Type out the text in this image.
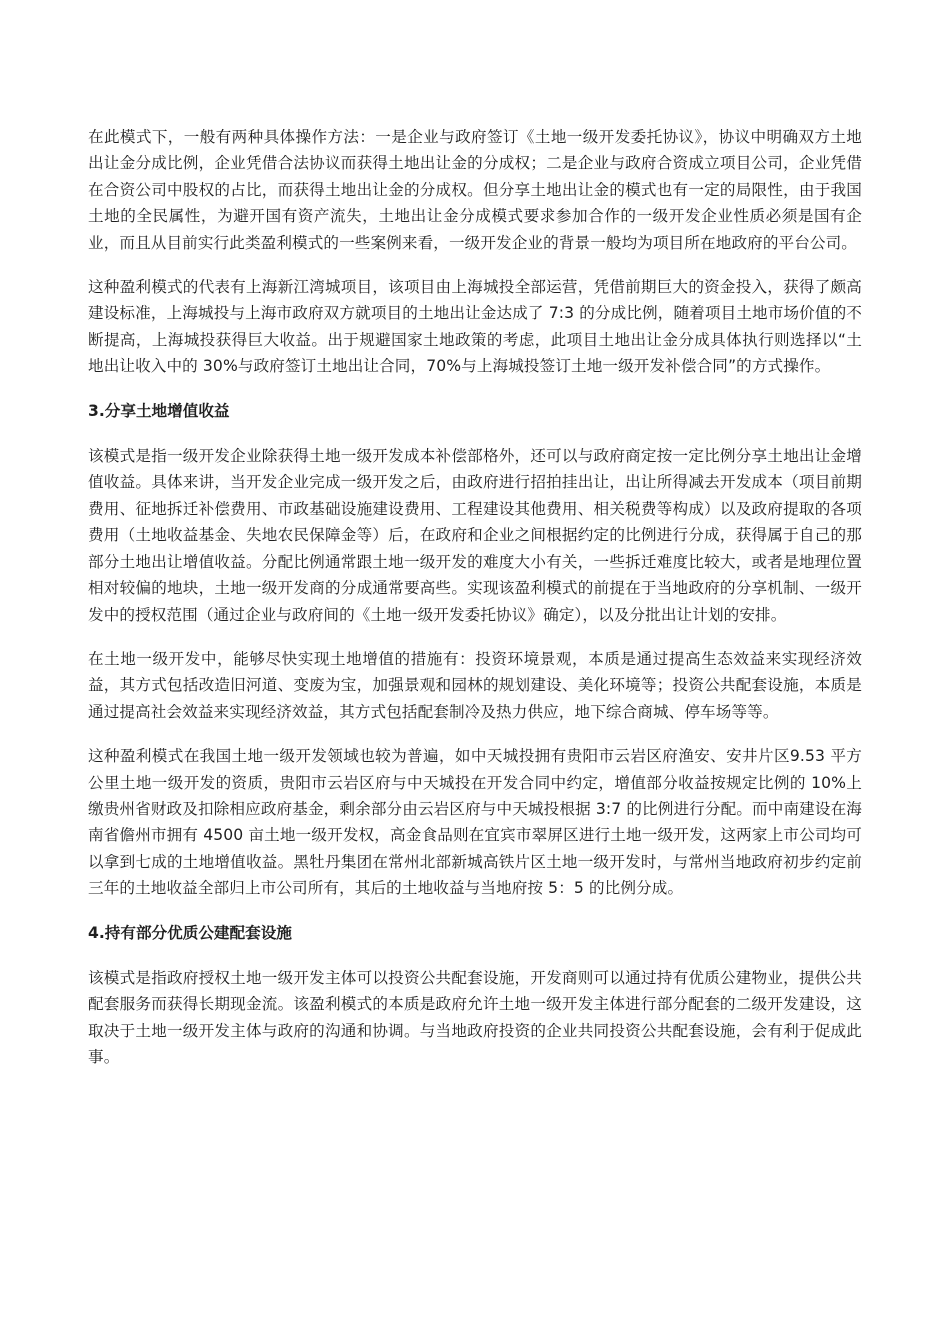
在此模式下，一般有两种具体操作方法：一是企业与政府签订《土地一级开发委托协议》，协议中明确双方土地出让金分成比例，企业凭借合法协议而获得土地出让金的分成权；二是企业与政府合资成立项目公司，企业凭借在合资公司中股权的占比，而获得土地出让金的分成权。但分享土地出让金的模式也有一定的局限性，由于我国土地的全民属性，为避开国有资产流失，土地出让金分成模式要求参加合作的一级开发企业性质必须是国有企业，而且从目前实行此类盈利模式的一些案例来看，一级开发企业的背景一般均为项目所在地政府的平台公司。

这种盈利模式的代表有上海新江湾城项目，该项目由上海城投全部运营，凭借前期巨大的资金投入，获得了颇高建设标准，上海城投与上海市政府双方就项目的土地出让金达成了 7:3 的分成比例，随着项目土地市场价值的不断提高，上海城投获得巨大收益。出于规避国家土地政策的考虑，此项目土地出让金分成具体执行则选择以“土地出让收入中的 30%与政府签订土地出让合同，70%与上海城投签订土地一级开发补偿合同”的方式操作。

3.分享土地增值收益

该模式是指一级开发企业除获得土地一级开发成本补偿部格外，还可以与政府商定按一定比例分享土地出让金增值收益。具体来讲，当开发企业完成一级开发之后，由政府进行招拍挂出让，出让所得减去开发成本（项目前期费用、征地拆迁补偿费用、市政基础设施建设费用、工程建设其他费用、相关税费等构成）以及政府提取的各项费用（土地收益基金、失地农民保障金等）后，在政府和企业之间根据约定的比例进行分成，获得属于自己的那部分土地出让增值收益。分配比例通常跟土地一级开发的难度大小有关，一些拆迁难度比较大，或者是地理位置相对较偏的地块，土地一级开发商的分成通常要高些。实现该盈利模式的前提在于当地政府的分享机制、一级开发中的授权范围（通过企业与政府间的《土地一级开发委托协议》确定），以及分批出让计划的安排。

在土地一级开发中，能够尽快实现土地增值的措施有：投资环境景观，本质是通过提高生态效益来实现经济效益，其方式包括改造旧河道、变废为宝，加强景观和园林的规划建设、美化环境等；投资公共配套设施，本质是通过提高社会效益来实现经济效益，其方式包括配套制冷及热力供应，地下综合商城、停车场等等。

这种盈利模式在我国土地一级开发领域也较为普遍，如中天城投拥有贵阳市云岩区府渔安、安井片区9.53 平方公里土地一级开发的资质，贵阳市云岩区府与中天城投在开发合同中约定，增值部分收益按规定比例的 10%上缴贵州省财政及扣除相应政府基金，剩余部分由云岩区府与中天城投根据 3:7 的比例进行分配。而中南建设在海南省儋州市拥有 4500 亩土地一级开发权，高金食品则在宜宾市翠屏区进行土地一级开发，这两家上市公司均可以拿到七成的土地增值收益。黑牡丹集团在常州北部新城高铁片区土地一级开发时，与常州当地政府初步约定前三年的土地收益全部归上市公司所有，其后的土地收益与当地府按 5：5 的比例分成。

4.持有部分优质公建配套设施

该模式是指政府授权土地一级开发主体可以投资公共配套设施，开发商则可以通过持有优质公建物业，提供公共配套服务而获得长期现金流。该盈利模式的本质是政府允许土地一级开发主体进行部分配套的二级开发建设，这取决于土地一级开发主体与政府的沟通和协调。与当地政府投资的企业共同投资公共配套设施，会有利于促成此事。
